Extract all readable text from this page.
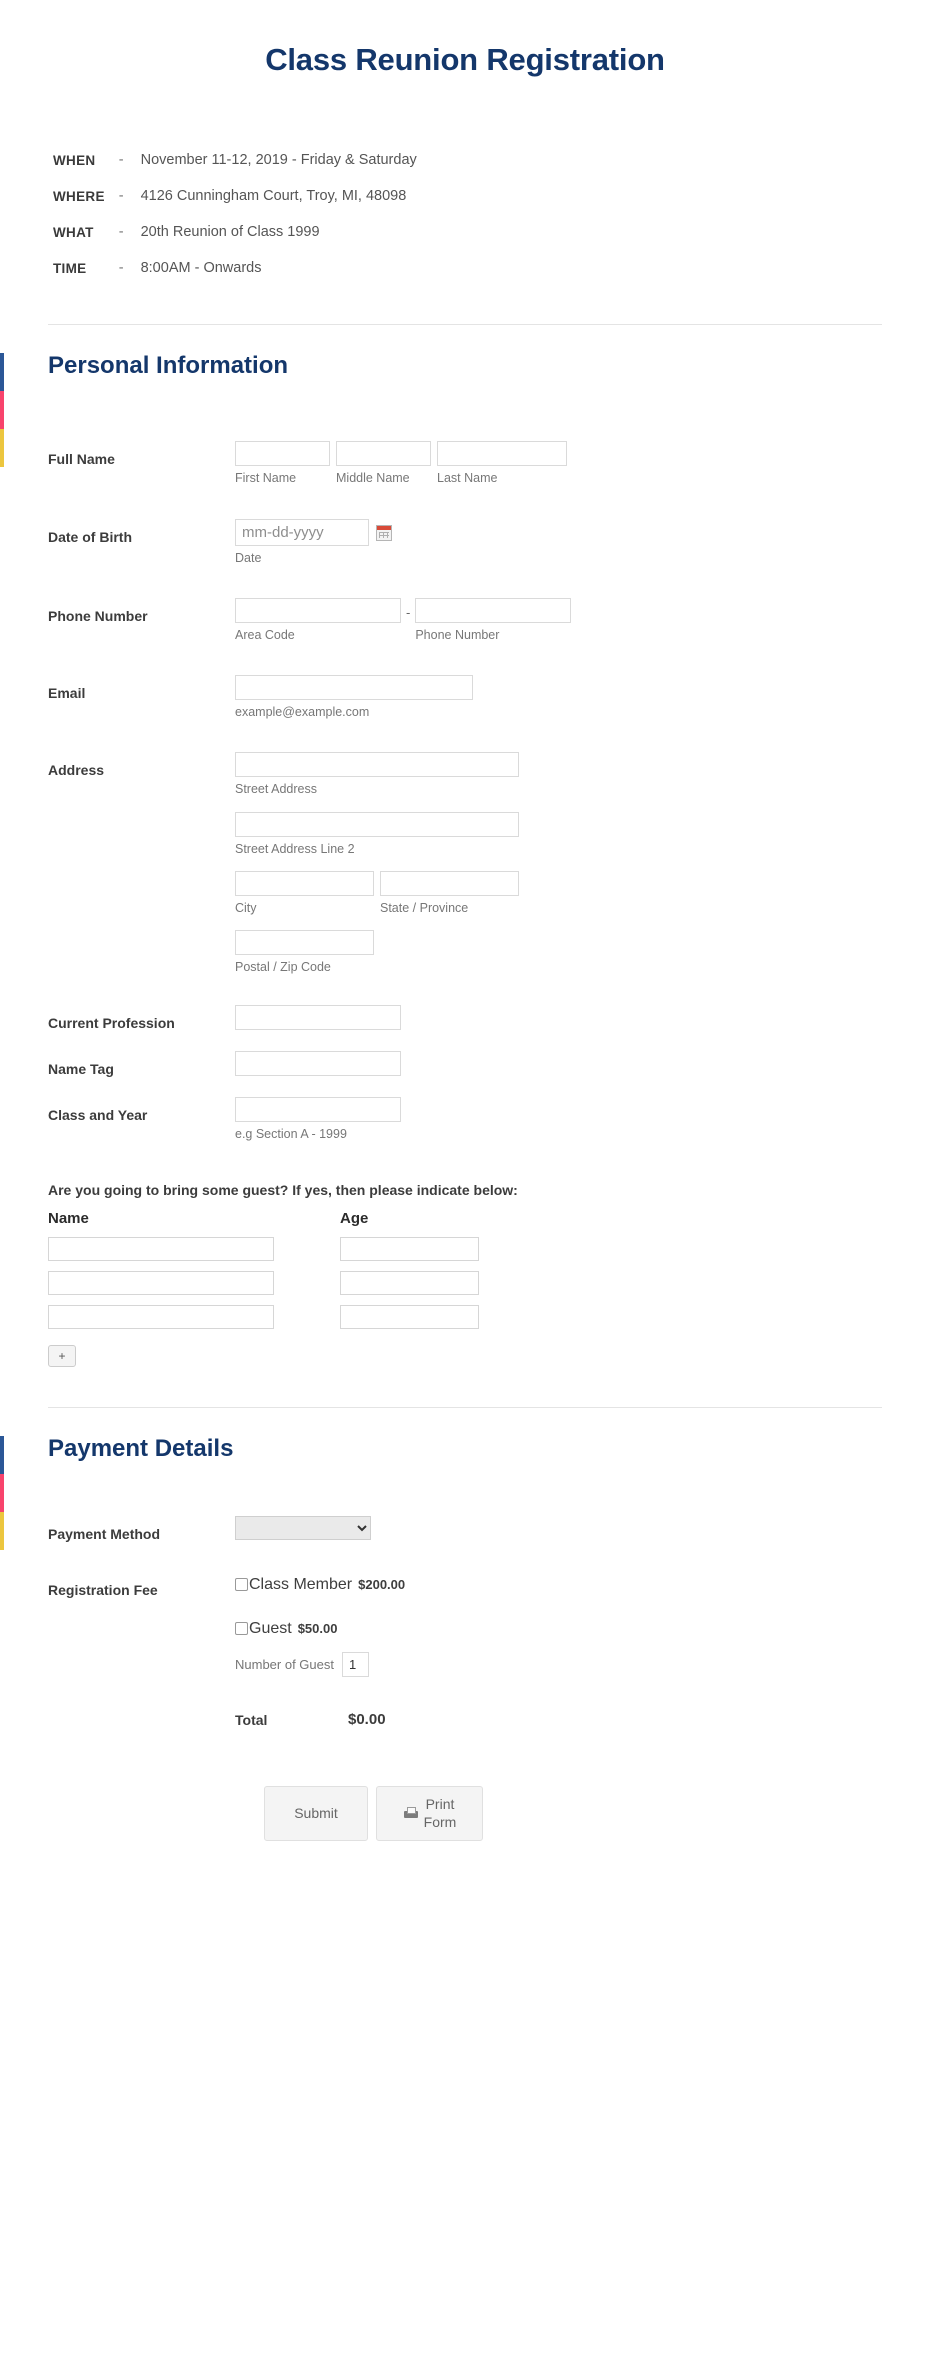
Class Reunion Registration
WHEN	-	November 11-12, 2019 - Friday & Saturday
WHERE	-	4126 Cunningham Court, Troy, MI, 48098
WHAT	-	20th Reunion of Class 1999
TIME	-	8:00AM - Onwards
Personal Information
Full Name
First Name	Middle Name	Last Name
Date of Birth
mm-dd-yyyy
Date
Phone Number
Area Code
-
Phone Number
Email
example@example.com
Address
Street Address
Street Address Line 2
City	State / Province
Postal / Zip Code
Current Profession
Name Tag
Class and Year
e.g Section A - 1999
Are you going to bring some guest? If yes, then please indicate below:
Name	Age
+
Payment Details
Payment Method
Registration Fee	Class Member $200.00
Guest $50.00
Number of Guest
1
Total	$0.00
Submit
Print
Form
